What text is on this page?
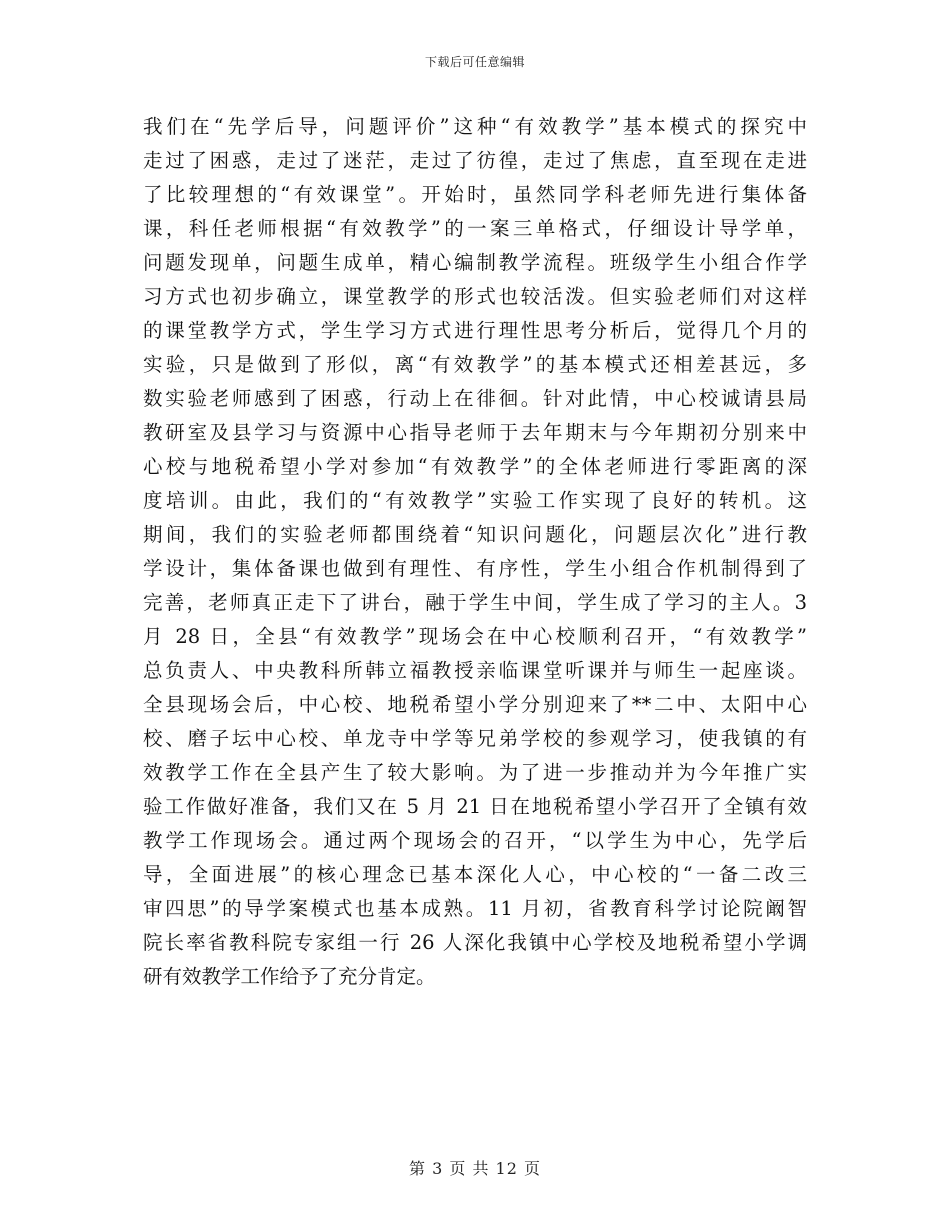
下载后可任意编辑
我们在“先学后导，问题评价”这种“有效教学”基本模式的探究中
走过了困惑，走过了迷茫，走过了彷徨，走过了焦虑，直至现在走进
了比较理想的“有效课堂”。开始时，虽然同学科老师先进行集体备
课，科任老师根据“有效教学”的一案三单格式，仔细设计导学单，
问题发现单，问题生成单，精心编制教学流程。班级学生小组合作学
习方式也初步确立，课堂教学的形式也较活泼。但实验老师们对这样
的课堂教学方式，学生学习方式进行理性思考分析后，觉得几个月的
实验，只是做到了形似，离“有效教学”的基本模式还相差甚远，多
数实验老师感到了困惑，行动上在徘徊。针对此情，中心校诚请县局
教研室及县学习与资源中心指导老师于去年期末与今年期初分别来中
心校与地税希望小学对参加“有效教学”的全体老师进行零距离的深
度培训。由此，我们的“有效教学”实验工作实现了良好的转机。这
期间，我们的实验老师都围绕着“知识问题化，问题层次化”进行教
学设计，集体备课也做到有理性、有序性，学生小组合作机制得到了
完善，老师真正走下了讲台，融于学生中间，学生成了学习的主人。3
月 28 日，全县“有效教学”现场会在中心校顺利召开，“有效教学”
总负责人、中央教科所韩立福教授亲临课堂听课并与师生一起座谈。
全县现场会后，中心校、地税希望小学分别迎来了**二中、太阳中心
校、磨子坛中心校、单龙寺中学等兄弟学校的参观学习，使我镇的有
效教学工作在全县产生了较大影响。为了进一步推动并为今年推广实
验工作做好准备，我们又在 5 月 21 日在地税希望小学召开了全镇有效
教学工作现场会。通过两个现场会的召开，“以学生为中心，先学后
导，全面进展”的核心理念已基本深化人心，中心校的“一备二改三
审四思”的导学案模式也基本成熟。11 月初，省教育科学讨论院阚智
院长率省教科院专家组一行 26 人深化我镇中心学校及地税希望小学调
研有效教学工作给予了充分肯定。
第 3 页 共 12 页
